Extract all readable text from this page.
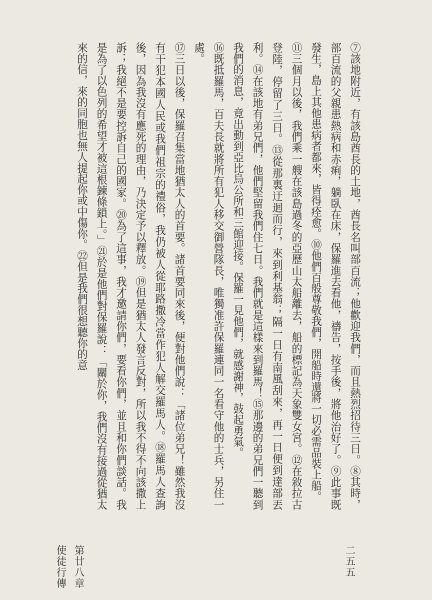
⑦該地附近，有該島酋長的土地，酋長名叫部百流；他歡迎我們，而且熱烈招待三日。⑧其時，部百流的父親患熱病和赤痢，躺臥在床，保羅進去看他，禱告，按手後，將他治好了。⑨此事既發生，島上其他患病者都來，皆得痊愈。⑩他們百般尊敬我們，開船時還將一切必需品裝上船。

⑪三個月以後，我們乘一艘在該島過冬的亞歷山太船離去，船的標記為天象雙女宮。⑫在敘拉古登陸，停留了三日。⑬從那裏迂迴而行，來到利基翁；隔一日有南風刮來，再一日便到達部丟利。⑭在該地有弟兄們，他們堅留我們住七日。我們就是這樣來到羅馬！⑮那邊的弟兄們一聽到我們的消息，竟出動到亞比烏公所和三館迎接。保羅一見他們，就感謝神，鼓起勇氣。

⑯既抵羅馬，百夫長就將所有犯人移交御營隊長，唯獨准許保羅連同一名看守他的士兵，另住一處。

⑰三日以後，保羅召集當地猶太人的首要。諸首要同來後，便對他們說：「諸位弟兄！雖然我沒有干犯本國人民或我們祖宗的禮俗，我仍被人從耶路撒冷當作犯人解交羅馬人。⑱羅馬人查詢後，因為我沒有應死的理由，乃決定予以釋放。⑲但是猶太人發言反對，所以我不得不向該撒上訴；我絕不是要控訴自己的國家。⑳為了這事，我才邀請你們，要看你們，並且和你們談話。我是為了以色列的希望才被這根鍊條鎖上。」㉑於是他們對保羅說：「關於你，我們沒有接過從猶太來的信，來的同胞也無人提起你或中傷你。㉒但是我們很想聽你的意

使徒行傳 第廿八章	二五五
